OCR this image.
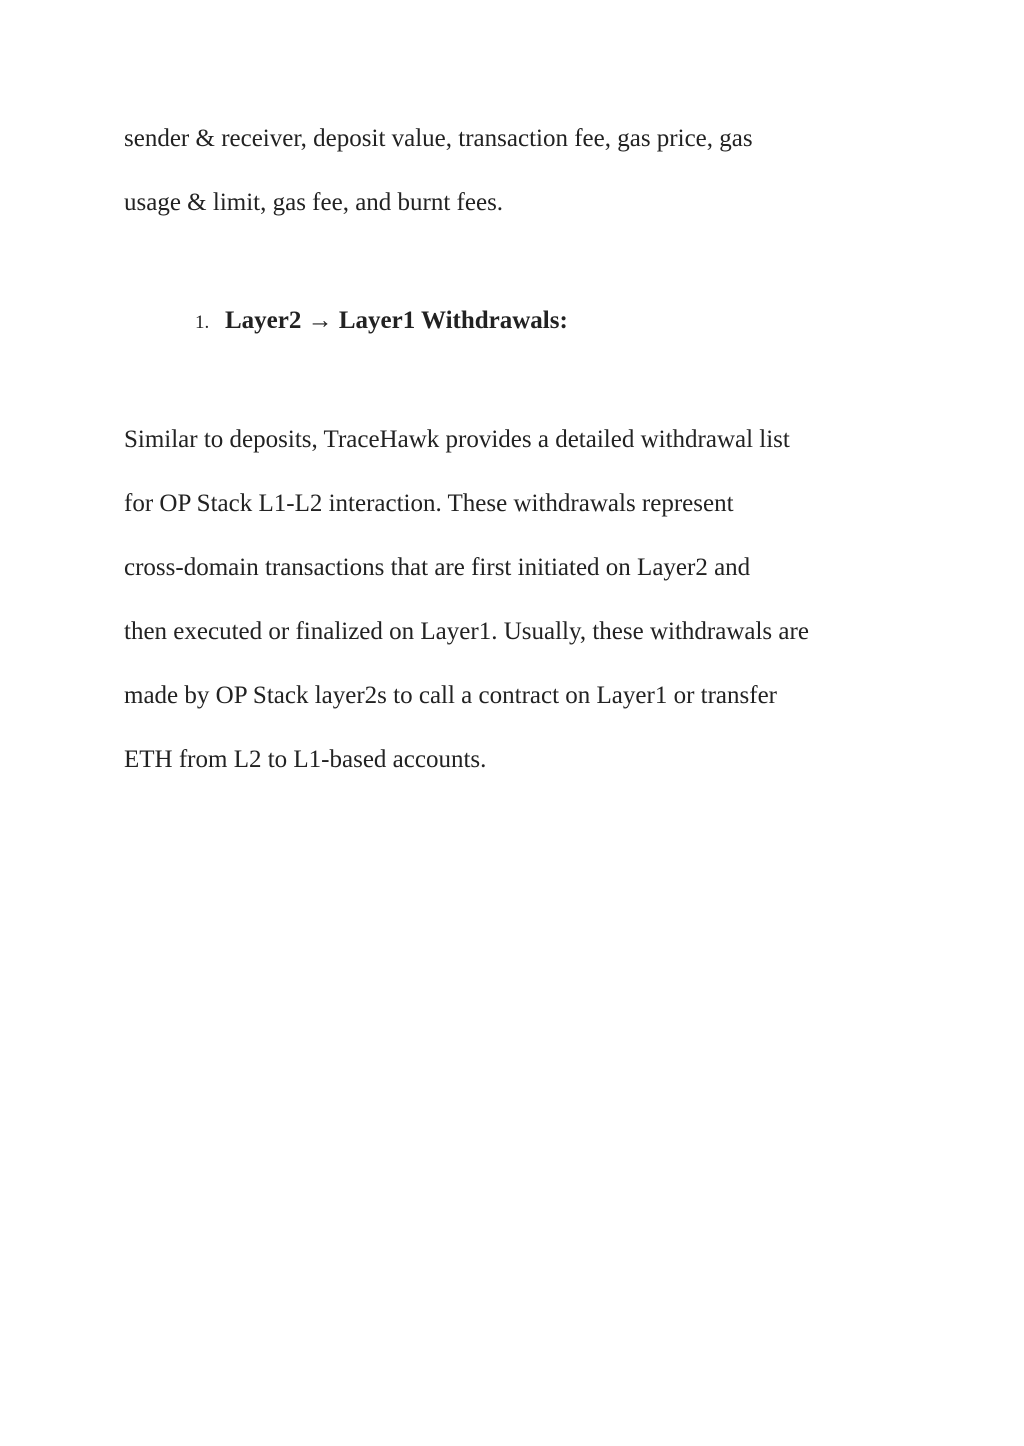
sender & receiver, deposit value, transaction fee, gas price, gas
usage & limit, gas fee, and burnt fees.
1. Layer2 → Layer1 Withdrawals:
Similar to deposits, TraceHawk provides a detailed withdrawal list
for OP Stack L1-L2 interaction. These withdrawals represent
cross-domain transactions that are first initiated on Layer2 and
then executed or finalized on Layer1. Usually, these withdrawals are
made by OP Stack layer2s to call a contract on Layer1 or transfer
ETH from L2 to L1-based accounts.
